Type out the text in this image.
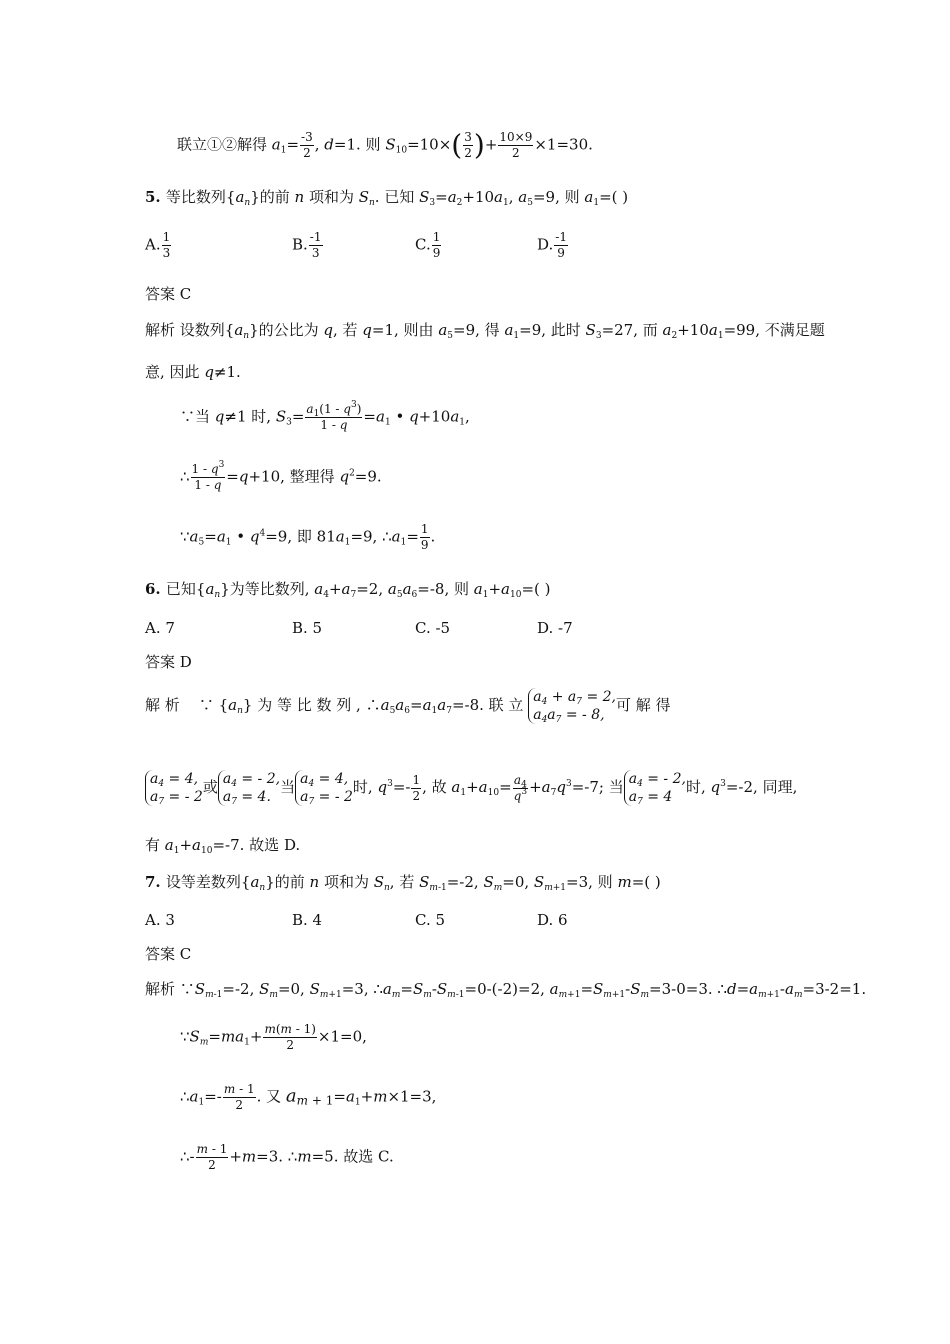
联立①②解得 $a_1= \frac{-3}{2}$ , d=1. 则 $S_{10}=10\times( \frac{3}{2}$ )+ $\frac{10\times 9}{2} \times 1=30$.
5. 等比数列$\{a_n\}$的前 n 项和为 $S_n$. 已知 $S_3=a_2+10a_1$, $a_5=9$, 则 $a_1=$( )
A. $\frac{1}{3}$	B. $\frac{-1}{3}$	C. $\frac{1}{9}$	D. $\frac{-1}{9}$
答案 C
解析 设数列$\{a_n\}$的公比为 q, 若 q=1, 则由 $a_5=9$, 得 $a_1=9$, 此时 $S_3=27$, 而 $a_2+10a_1=99$, 不满足题
意, 因此 q≠1.
∵当 q≠1 时, $S_3= \frac{a_1(1 - q^3)}{1 - q} =a_1$ • $q+10a_1$,
∴ $\frac{1 - q^3}{1 - q} =q+10$, 整理得 $q^2=9$.
$\because a_5=a_1$ • $q^4=9$, 即 $81a_1=9$, $\therefore a_1= \frac{1}{9}$ .
6. 已知$\{a_n\}$为等比数列, $a_4+a_7=2$, $a_5a_6=-8$, 则 $a_1+a_{10}=$( )
A. 7	B. 5	C. -5	D. -7
答案 D
解 析    ∵ $\{a_n\}$ 为 等 比 数 列 , $\therefore a_5a_6=a_1a_7=-8$. 联 立 $a_4 + a_7 = 2$,
$a_4a_7$ = - 8,
可 解 得
$a_4 = 4$,
$a_7$ = - 2
或 $a_4$ = - 2,
$a_7 = 4$.
当 $a_4 = 4$,
$a_7$ = - 2
时, $q^3=- \frac{1}{2}$ , 故 $a_1+a_{10}= \frac{a_4}{q^3} +a_7q^3=-7$; 当 $a_4$ = - 2,
$a_7 = 4$
时, $q^3=-2$, 同理,
有 $a_1+a_{10}=-7$. 故选 D.
7. 设等差数列$\{a_n\}$的前 n 项和为 $S_n$, 若 $S_{m-1}=-2$, $S_m=0$, $S_{m+1}=3$, 则 m=( )
A. 3	B. 4	C. 5	D. 6
答案 C
解析 $\because S_{m-1}=-2$, $S_m=0$, $S_{m+1}=3$, $\therefore a_m=S_m-S_{m-1}=0-(-2)=2$, $a_{m+1}=S_{m+1}-S_m=3-0=3$. $\therefore d=a_{m+1}-a_m=3-2=1$.
$\because S_m=ma_1+ \frac{m(m - 1)}{2} \times 1=0$,
$\therefore a_1=- \frac{m - 1}{2}$ . 又 $a_{m + 1}=a_1+m\times 1=3$,
∴- $\frac{m - 1}{2} +m=3$. ∴m=5. 故选 C.
